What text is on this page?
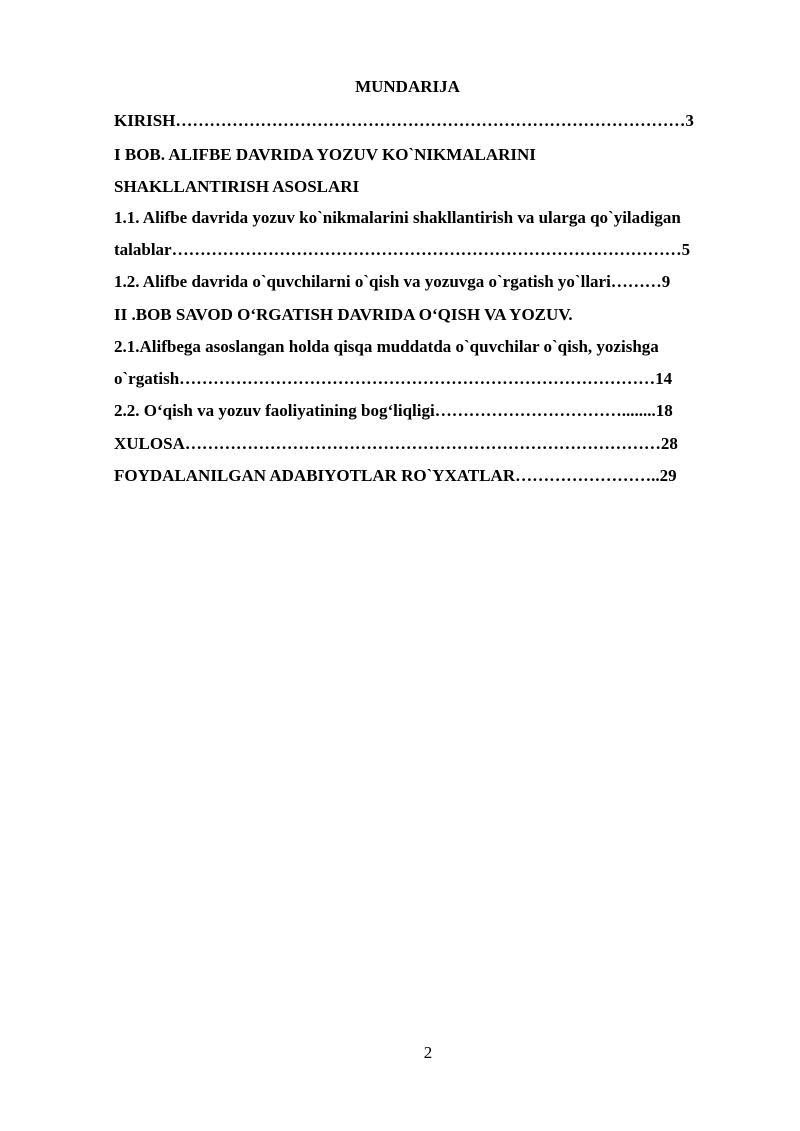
MUNDARIJA
KIRISH………………………………………………………………………………3
I BOB. ALIFBE DAVRIDA YOZUV KO`NIKMALARINI
SHAKLLANTIRISH ASOSLARI
1.1. Alifbe davrida yozuv ko`nikmalarini shakllantirish va ularga qo`yiladigan
talablar………………………………………………………………………………5
1.2. Alifbe davrida o`quvchilarni o`qish va yozuvga o`rgatish yo`llari………9
II .BOB SAVOD O‘RGATISH DAVRIDA O‘QISH VA YOZUV.
2.1.Alifbega asoslangan holda qisqa muddatda o`quvchilar o`qish, yozishga
o`rgatish…………………………………………………………………………14
2.2. O‘qish va yozuv faoliyatining bog‘liqligi……………………………........18
XULOSA…………………………………………………………………………28
FOYDALANILGAN ADABIYOTLAR RO`YXATLAR……………………..29
2
